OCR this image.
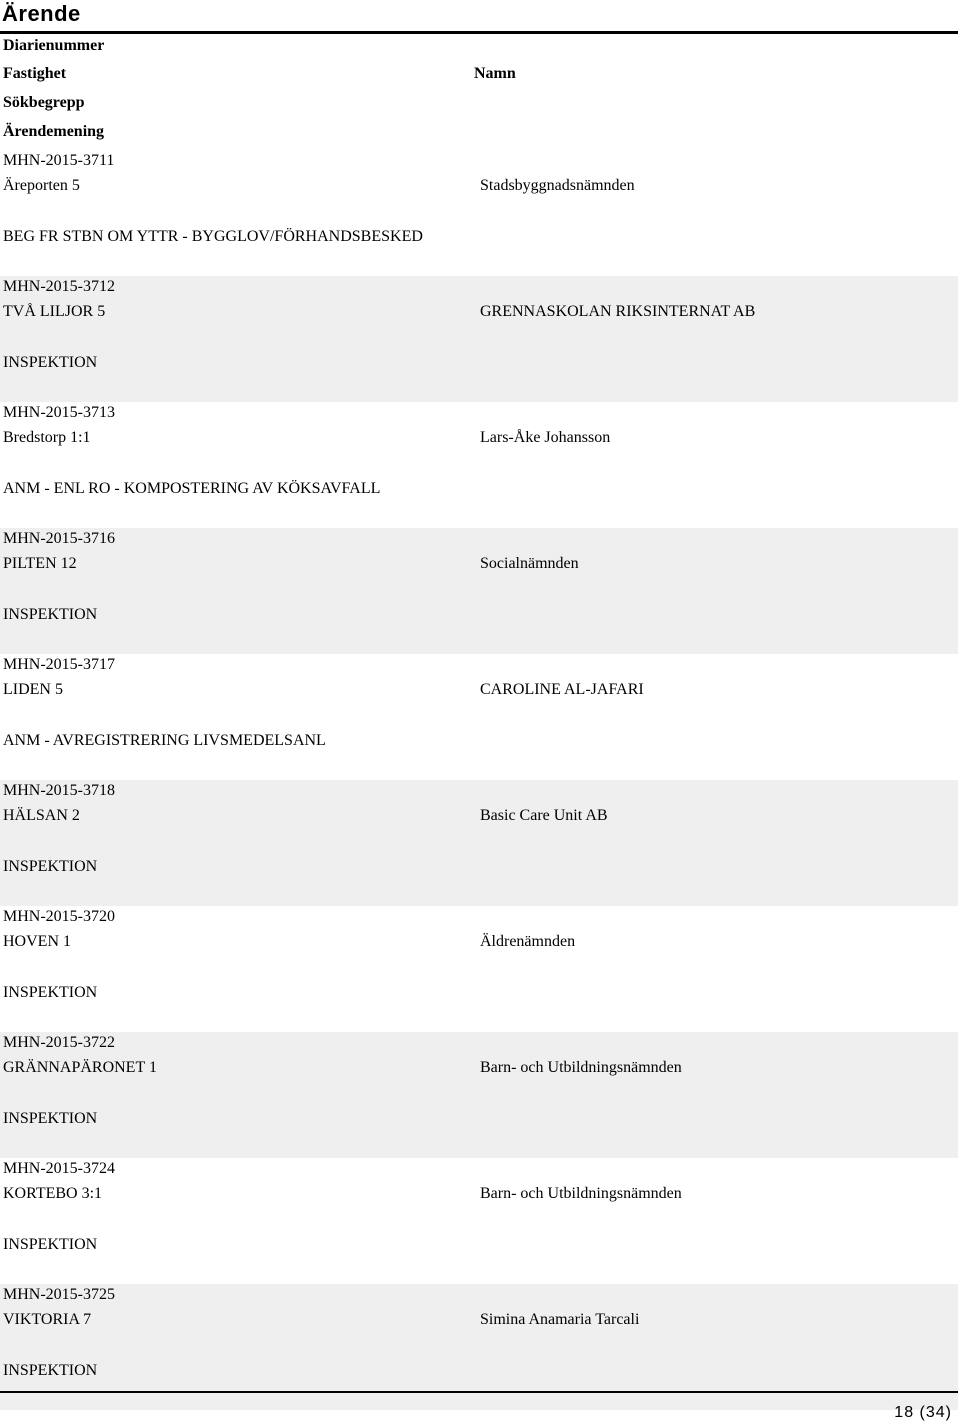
Ärende
Diarienummer
Fastighet	Namn
Sökbegrepp
Ärendemening
MHN-2015-3711
Äreporten 5	Stadsbyggnadsnämnden
BEG FR STBN OM YTTR - BYGGLOV/FÖRHANDSBESKED
MHN-2015-3712
TVÅ LILJOR 5	GRENNASKOLAN RIKSINTERNAT AB
INSPEKTION
MHN-2015-3713
Bredstorp 1:1	Lars-Åke Johansson
ANM - ENL RO - KOMPOSTERING AV KÖKSAVFALL
MHN-2015-3716
PILTEN 12	Socialnämnden
INSPEKTION
MHN-2015-3717
LIDEN 5	CAROLINE AL-JAFARI
ANM - AVREGISTRERING LIVSMEDELSANL
MHN-2015-3718
HÄLSAN 2	Basic Care Unit AB
INSPEKTION
MHN-2015-3720
HOVEN 1	Äldrenämnden
INSPEKTION
MHN-2015-3722
GRÄNNAPÄRONET 1	Barn- och Utbildningsnämnden
INSPEKTION
MHN-2015-3724
KORTEBO 3:1	Barn- och Utbildningsnämnden
INSPEKTION
MHN-2015-3725
VIKTORIA 7	Simina Anamaria Tarcali
INSPEKTION
18 (34)
